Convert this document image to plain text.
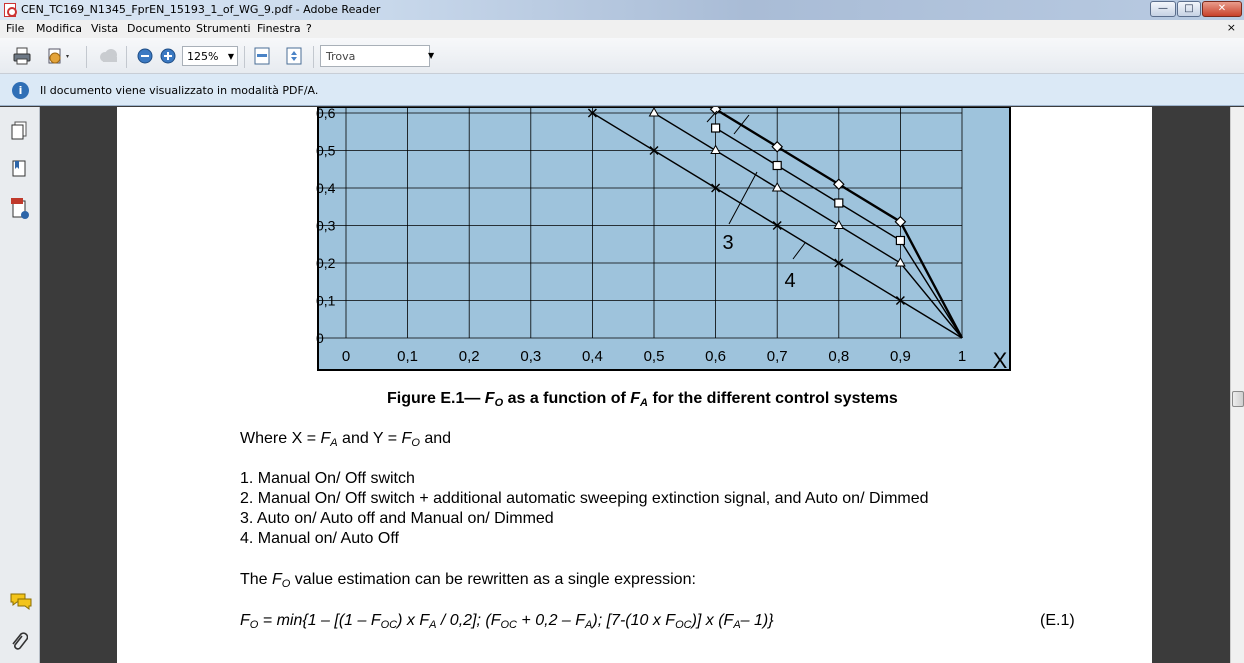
CEN_TC169_N1345_FprEN_15193_1_of_WG_9.pdf - Adobe Reader	—	□	✕
File Modifica Vista Documento Strumenti Finestra ?	×
125% ▼	Trova	▼
i	Il documento viene visualizzato in modalità PDF/A.
0	0,1	0,2	0,3	0,4	0,5	0,6	0,7	0,8	0,9	1
0
0,1
0,2
0,3
0,4
0,5
0,6
X
3
4
Figure E.1— $F_O$ as a function of $F_A$ for the different control systems
Where $X = F_A$ and $Y = F_O$ and
1. Manual On/ Off switch
2. Manual On/ Off switch + additional automatic sweeping extinction signal, and Auto on/ Dimmed
3. Auto on/ Auto off and Manual on/ Dimmed
4. Manual on/ Auto Off
The $F_O$ value estimation can be rewritten as a single expression:
$F_O = \min\{1 - [(1 - F_{OC})$ x $F_A / 0,2$]; $(F_{OC} + 0,2 - F_A)$; [7-(10 x $F_{OC}$)] x ($F_A-$ 1)}	(E.1)
